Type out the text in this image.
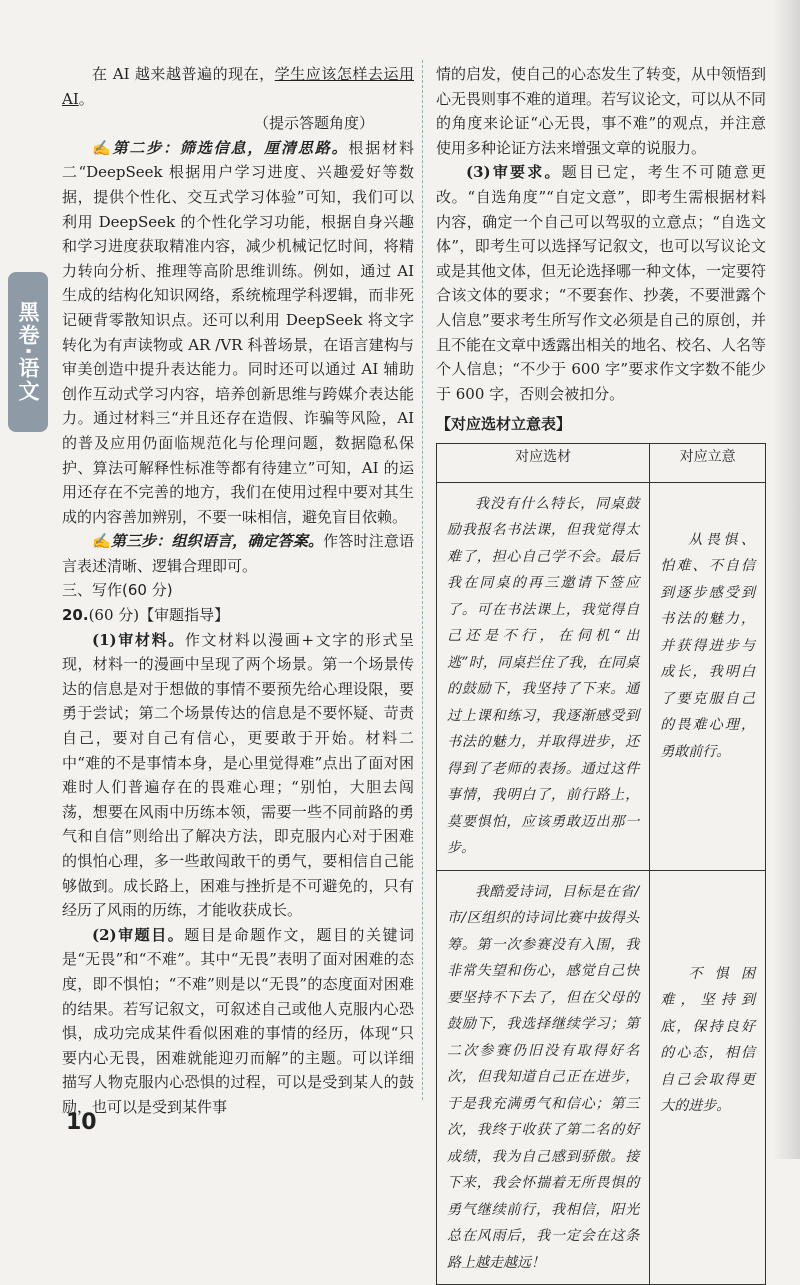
黑卷·语文

在 AI 越来越普遍的现在，学生应该怎样去运用 AI。

（提示答题角度）

✍第二步：筛选信息，厘清思路。根据材料二“DeepSeek 根据用户学习进度、兴趣爱好等数据，提供个性化、交互式学习体验”可知，我们可以利用 DeepSeek 的个性化学习功能，根据自身兴趣和学习进度获取精准内容，减少机械记忆时间，将精力转向分析、推理等高阶思维训练。例如，通过 AI 生成的结构化知识网络，系统梳理学科逻辑，而非死记硬背零散知识点。还可以利用 DeepSeek 将文字转化为有声读物或 AR /VR 科普场景，在语言建构与审美创造中提升表达能力。同时还可以通过 AI 辅助创作互动式学习内容，培养创新思维与跨媒介表达能力。通过材料三“并且还存在造假、诈骗等风险，AI 的普及应用仍面临规范化与伦理问题，数据隐私保护、算法可解释性标准等都有待建立”可知，AI 的运用还存在不完善的地方，我们在使用过程中要对其生成的内容善加辨别，不要一味相信，避免盲目依赖。

✍第三步：组织语言，确定答案。作答时注意语言表述清晰、逻辑合理即可。

三、写作(60 分)

20.(60 分)【审题指导】

(1)审材料。作文材料以漫画+文字的形式呈现，材料一的漫画中呈现了两个场景。第一个场景传达的信息是对于想做的事情不要预先给心理设限，要勇于尝试；第二个场景传达的信息是不要怀疑、苛责自己，要对自己有信心，更要敢于开始。材料二中“难的不是事情本身，是心里觉得难”点出了面对困难时人们普遍存在的畏难心理；“别怕，大胆去闯荡，想要在风雨中历练本领，需要一些不同前路的勇气和自信”则给出了解决方法，即克服内心对于困难的惧怕心理，多一些敢闯敢干的勇气，要相信自己能够做到。成长路上，困难与挫折是不可避免的，只有经历了风雨的历练，才能收获成长。

(2)审题目。题目是命题作文，题目的关键词是“无畏”和“不难”。其中“无畏”表明了面对困难的态度，即不惧怕；“不难”则是以“无畏”的态度面对困难的结果。若写记叙文，可叙述自己或他人克服内心恐惧，成功完成某件看似困难的事情的经历，体现“只要内心无畏，困难就能迎刃而解”的主题。可以详细描写人物克服内心恐惧的过程，可以是受到某人的鼓励，也可以是受到某件事

情的启发，使自己的心态发生了转变，从中领悟到心无畏则事不难的道理。若写议论文，可以从不同的角度来论证“心无畏，事不难”的观点，并注意使用多种论证方法来增强文章的说服力。

(3)审要求。题目已定，考生不可随意更改。“自选角度”“自定文意”，即考生需根据材料内容，确定一个自己可以驾驭的立意点；“自选文体”，即考生可以选择写记叙文，也可以写议论文或是其他文体，但无论选择哪一种文体，一定要符合该文体的要求；“不要套作、抄袭，不要泄露个人信息”要求考生所写作文必须是自己的原创，并且不能在文章中透露出相关的地名、校名、人名等个人信息；“不少于 600 字”要求作文字数不能少于 600 字，否则会被扣分。

【对应选材立意表】

对应选材	对应立意
我没有什么特长，同桌鼓励我报名书法课，但我觉得太难了，担心自己学不会。最后我在同桌的再三邀请下签应了。可在书法课上，我觉得自己还是不行，在伺机“出逃”时，同桌拦住了我，在同桌的鼓励下，我坚持了下来。通过上课和练习，我逐渐感受到书法的魅力，并取得进步，还得到了老师的表扬。通过这件事情，我明白了，前行路上，莫要惧怕，应该勇敢迈出那一步。	从畏惧、怕难、不自信到逐步感受到书法的魅力，并获得进步与成长，我明白了要克服自己的畏难心理，勇敢前行。
我酷爱诗词，目标是在省/市/区组织的诗词比赛中拔得头筹。第一次参赛没有入围，我非常失望和伤心，感觉自己快要坚持不下去了，但在父母的鼓励下，我选择继续学习；第二次参赛仍旧没有取得好名次，但我知道自己正在进步，于是我充满勇气和信心；第三次，我终于收获了第二名的好成绩，我为自己感到骄傲。接下来，我会怀揣着无所畏惧的勇气继续前行，我相信，阳光总在风雨后，我一定会在这条路上越走越远！	不惧困难，坚持到底，保持良好的心态，相信自己会取得更大的进步。
10
